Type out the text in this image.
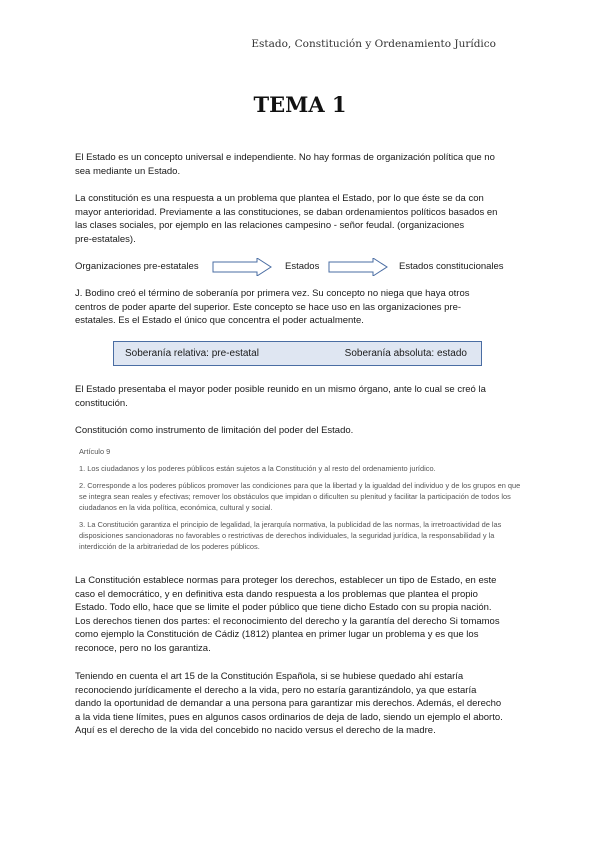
Estado, Constitución y Ordenamiento Jurídico
TEMA 1
El Estado es un concepto universal e independiente. No hay formas de organización política que no
sea mediante un Estado.
La constitución es una respuesta a un problema que plantea el Estado, por lo que éste se da con
mayor anterioridad. Previamente a las constituciones, se daban ordenamientos políticos basados en
las clases sociales, por ejemplo en las relaciones campesino - señor feudal. (organizaciones
pre-estatales).
Organizaciones pre-estatales	Estados	Estados constitucionales
J. Bodino creó el término de soberanía por primera vez. Su concepto no niega que haya otros
centros de poder aparte del superior. Este concepto se hace uso en las organizaciones pre-
estatales. Es el Estado el único que concentra el poder actualmente.
Soberanía relativa: pre-estatal	Soberanía absoluta: estado
El Estado presentaba el mayor poder posible reunido en un mismo órgano, ante lo cual se creó la
constitución.
Constitución como instrumento de limitación del poder del Estado.
Artículo 9
1. Los ciudadanos y los poderes públicos están sujetos a la Constitución y al resto del ordenamiento jurídico.
2. Corresponde a los poderes públicos promover las condiciones para que la libertad y la igualdad del individuo y de los grupos en que se integra sean reales y efectivas; remover los obstáculos que impidan o dificulten su plenitud y facilitar la participación de todos los ciudadanos en la vida política, económica, cultural y social.
3. La Constitución garantiza el principio de legalidad, la jerarquía normativa, la publicidad de las normas, la irretroactividad de las disposiciones sancionadoras no favorables o restrictivas de derechos individuales, la seguridad jurídica, la responsabilidad y la interdicción de la arbitrariedad de los poderes públicos.
La Constitución establece normas para proteger los derechos, establecer un tipo de Estado, en este
caso el democrático, y en definitiva esta dando respuesta a los problemas que plantea el propio
Estado. Todo ello, hace que se limite el poder público que tiene dicho Estado con su propia nación.
Los derechos tienen dos partes: el reconocimiento del derecho y la garantía del derecho Si tomamos
como ejemplo la Constitución de Cádiz (1812) plantea en primer lugar un problema y es que los
reconoce, pero no los garantiza.
Teniendo en cuenta el art 15 de la Constitución Española, si se hubiese quedado ahí estaría
reconociendo jurídicamente el derecho a la vida, pero no estaría garantizándolo, ya que estaría
dando la oportunidad de demandar a una persona para garantizar mis derechos. Además, el derecho
a la vida tiene límites, pues en algunos casos ordinarios de deja de lado, siendo un ejemplo el aborto.
Aquí es el derecho de la vida del concebido no nacido versus el derecho de la madre.
